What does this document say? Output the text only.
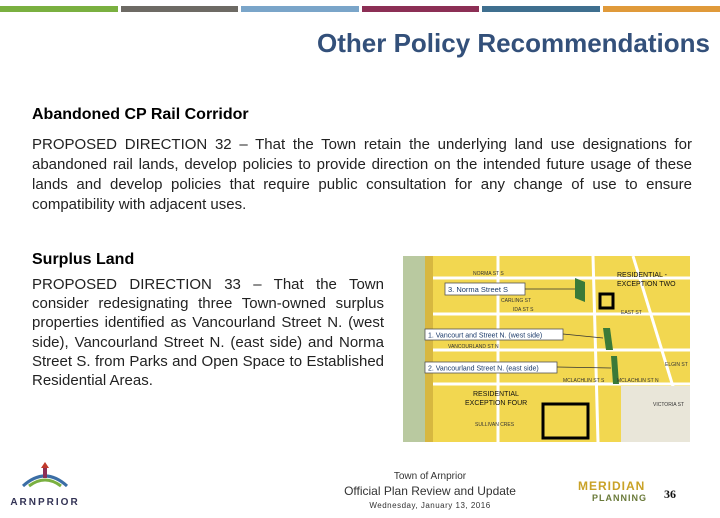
Other Policy Recommendations
Abandoned CP Rail Corridor
PROPOSED DIRECTION 32 – That the Town retain the underlying land use designations for abandoned rail lands, develop policies to provide direction on the intended future usage of these lands and develop policies that require public consultation for any change of use to ensure compatibility with adjacent uses.
Surplus Land
PROPOSED DIRECTION 33 – That the Town consider redesignating three Town-owned surplus properties identified as Vancourland Street N. (west side), Vancourland Street N. (east side) and Norma Street S. from Parks and Open Space to Established Residential Areas.
3. Norma Street S
1. Vancourt and Street N. (west side)
2. Vancourland Street N. (east side)
RESIDENTIAL -EXCEPTION TWO
RESIDENTIAL EXCEPTION FOUR
NORMA ST S
IDA ST S
VANCOURLAND ST N
MCLACHLIN ST S
SULLIVAN CRES
EAST ST
MCLACHLIN ST N
VICTORIA ST
ELGIN ST
CARLING ST
ARNPRIOR
Town of Arnprior
Official Plan Review and Update
Wednesday, January 13, 2016
MERIDIAN
PLANNING 36
